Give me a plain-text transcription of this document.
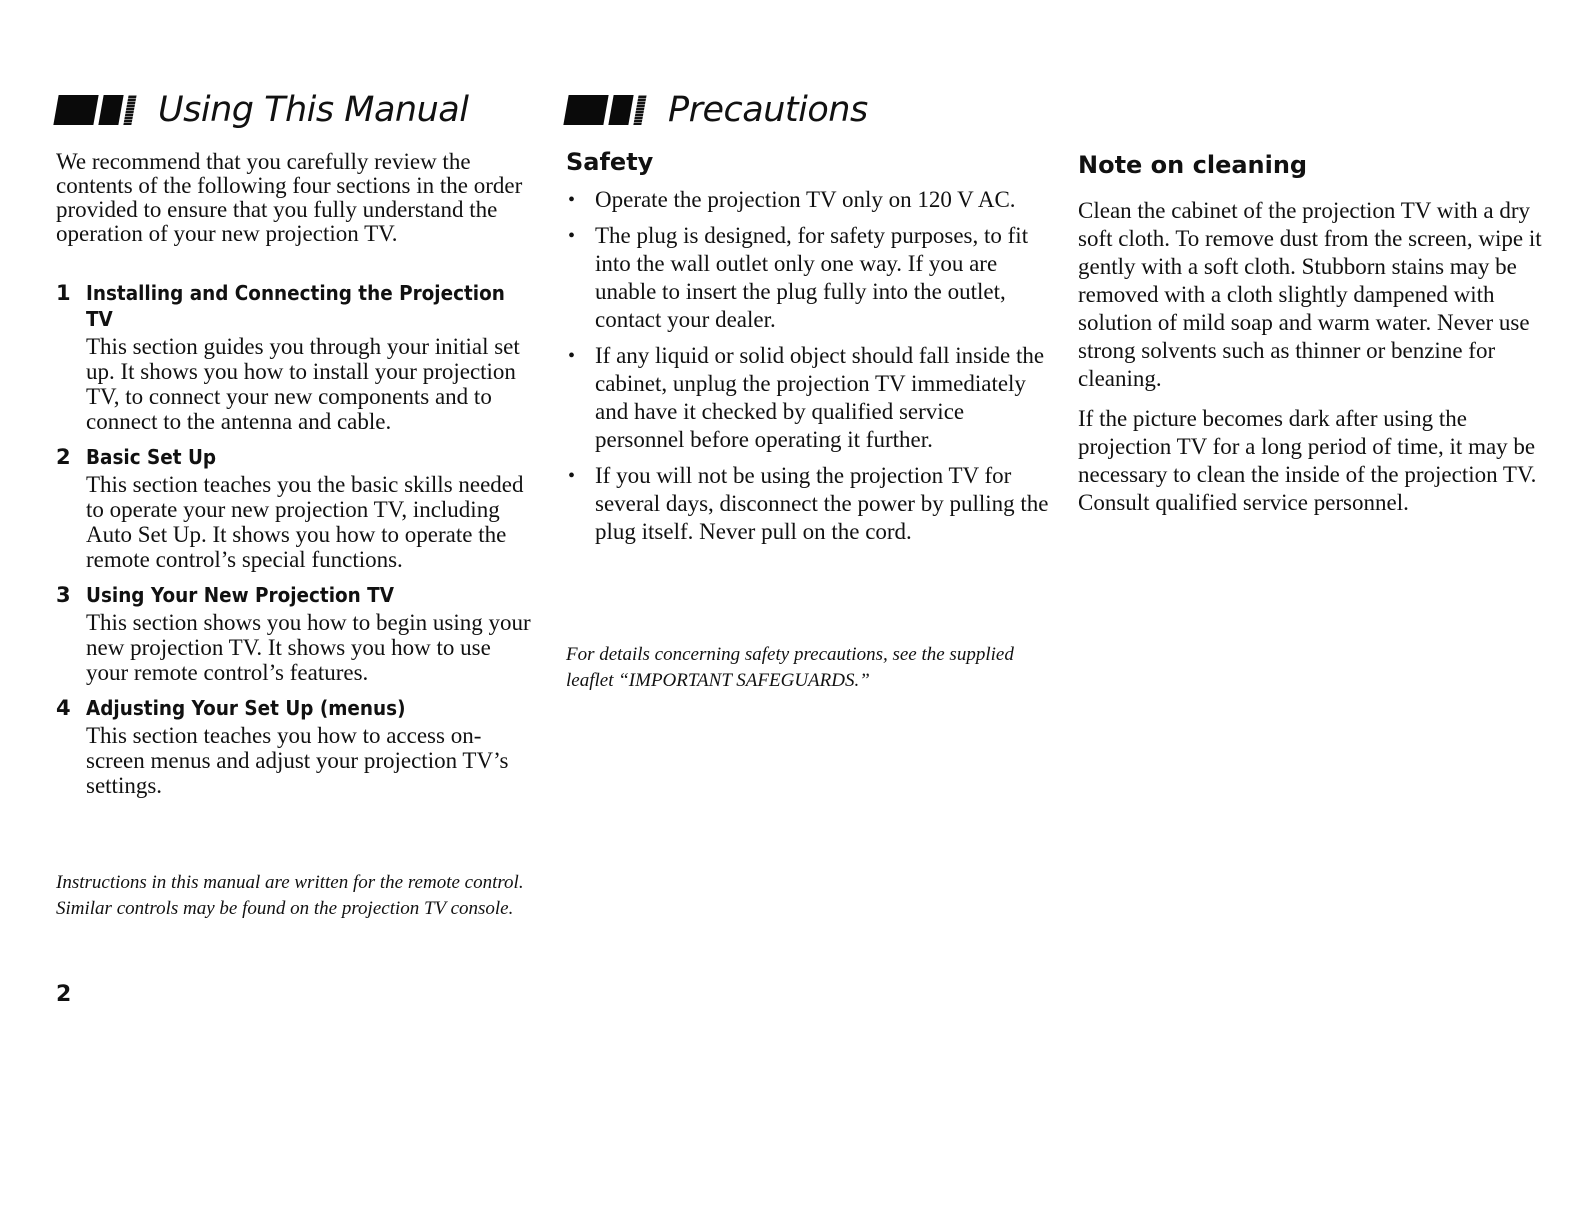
Using This Manual

We recommend that you carefully review the contents of the following four sections in the order provided to ensure that you fully understand the operation of your new projection TV.

1 Installing and Connecting the Projection TV
This section guides you through your initial set up. It shows you how to install your projection TV, to connect your new components and to connect to the antenna and cable.
2 Basic Set Up
This section teaches you the basic skills needed to operate your new projection TV, including Auto Set Up. It shows you how to operate the remote control’s special functions.
3 Using Your New Projection TV
This section shows you how to begin using your new projection TV. It shows you how to use your remote control’s features.
4 Adjusting Your Set Up (menus)
This section teaches you how to access on-screen menus and adjust your projection TV’s settings.

Instructions in this manual are written for the remote control. Similar controls may be found on the projection TV console.

2
Precautions
Safety
• Operate the projection TV only on 120 V AC.
• The plug is designed, for safety purposes, to fit into the wall outlet only one way. If you are unable to insert the plug fully into the outlet, contact your dealer.
• If any liquid or solid object should fall inside the cabinet, unplug the projection TV immediately and have it checked by qualified service personnel before operating it further.
• If you will not be using the projection TV for several days, disconnect the power by pulling the plug itself. Never pull on the cord.

For details concerning safety precautions, see the supplied leaflet “IMPORTANT SAFEGUARDS.”

Note on cleaning

Clean the cabinet of the projection TV with a dry soft cloth. To remove dust from the screen, wipe it gently with a soft cloth. Stubborn stains may be removed with a cloth slightly dampened with solution of mild soap and warm water. Never use strong solvents such as thinner or benzine for cleaning.

If the picture becomes dark after using the projection TV for a long period of time, it may be necessary to clean the inside of the projection TV. Consult qualified service personnel.
